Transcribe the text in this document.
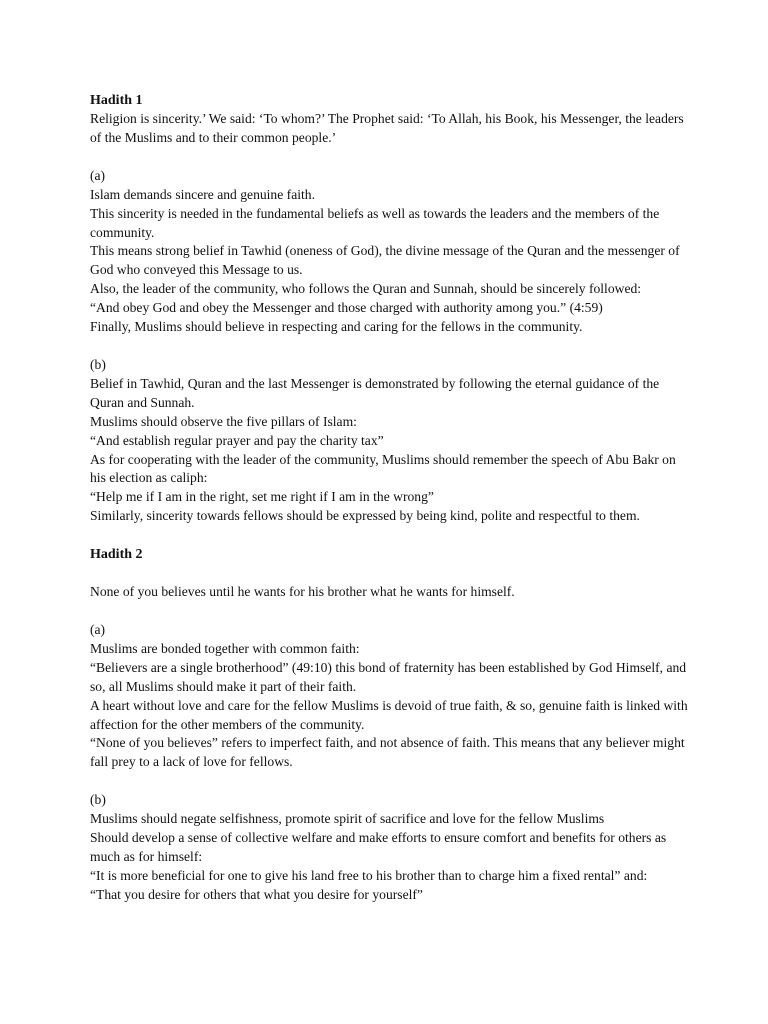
Hadith 1
Religion is sincerity.’ We said: ‘To whom?’ The Prophet said: ‘To Allah, his Book, his Messenger, the leaders of the Muslims and to their common people.’
(a)
Islam demands sincere and genuine faith.
This sincerity is needed in the fundamental beliefs as well as towards the leaders and the members of the community.
This means strong belief in Tawhid (oneness of God), the divine message of the Quran and the messenger of God who conveyed this Message to us.
Also, the leader of the community, who follows the Quran and Sunnah, should be sincerely followed:
“And obey God and obey the Messenger and those charged with authority among you.” (4:59)
Finally, Muslims should believe in respecting and caring for the fellows in the community.
(b)
Belief in Tawhid, Quran and the last Messenger is demonstrated by following the eternal guidance of the Quran and Sunnah.
Muslims should observe the five pillars of Islam:
“And establish regular prayer and pay the charity tax”
As for cooperating with the leader of the community, Muslims should remember the speech of Abu Bakr on his election as caliph:
“Help me if I am in the right, set me right if I am in the wrong”
Similarly, sincerity towards fellows should be expressed by being kind, polite and respectful to them.
Hadith 2
None of you believes until he wants for his brother what he wants for himself.
(a)
Muslims are bonded together with common faith:
“Believers are a single brotherhood” (49:10) this bond of fraternity has been established by God Himself, and so, all Muslims should make it part of their faith.
A heart without love and care for the fellow Muslims is devoid of true faith, & so, genuine faith is linked with affection for the other members of the community.
“None of you believes” refers to imperfect faith, and not absence of faith. This means that any believer might fall prey to a lack of love for fellows.
(b)
Muslims should negate selfishness, promote spirit of sacrifice and love for the fellow Muslims
Should develop a sense of collective welfare and make efforts to ensure comfort and benefits for others as much as for himself:
“It is more beneficial for one to give his land free to his brother than to charge him a fixed rental” and:
“That you desire for others that what you desire for yourself”
